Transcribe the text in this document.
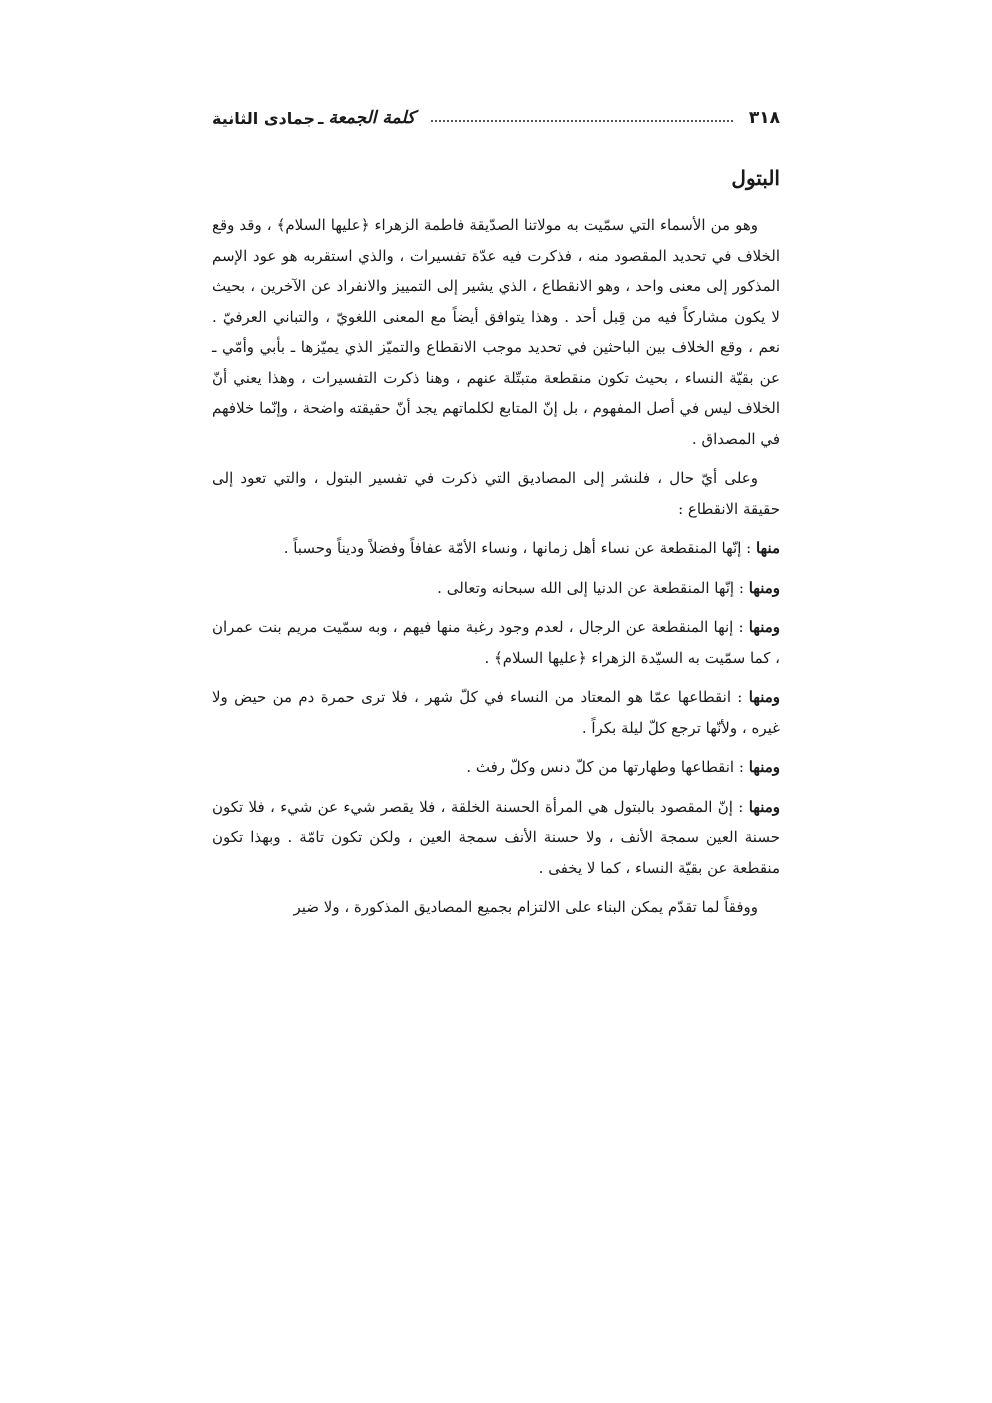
٣١٨
كلمة الجمعة
ـ
جمادى الثانية
البتول

وهو من الأسماء التي سمّيت به مولاتنا الصدّيقة فاطمة الزهراء ﴿عليها السلام﴾ ، وقد وقع الخلاف في تحديد المقصود منه ، فذكرت فيه عدّة تفسيرات ، والذي استقربه هو عود الإسم المذكور إلى معنى واحد ، وهو الانقطاع ، الذي يشير إلى التمييز والانفراد عن الآخرين ، بحيث لا يكون مشاركاً فيه من قِبل أحد . وهذا يتوافق أيضاً مع المعنى اللغويّ ، والتباني العرفيّ . نعم ، وقع الخلاف بين الباحثين في تحديد موجب الانقطاع والتميّز الذي يميّزها ـ بأبي وأمّي ـ عن بقيّة النساء ، بحيث تكون منقطعة متبتّلة عنهم ، وهنا ذكرت التفسيرات ، وهذا يعني أنّ الخلاف ليس في أصل المفهوم ، بل إنّ المتابع لكلماتهم يجد أنّ حقيقته واضحة ، وإنّما خلافهم في المصداق .

وعلى أيّ حال ، فلنشر إلى المصاديق التي ذكرت في تفسير البتول ، والتي تعود إلى حقيقة الانقطاع :

منها : إنّها المنقطعة عن نساء أهل زمانها ، ونساء الأمّة عفافاً وفضلاً وديناً وحسباً .

ومنها : إنّها المنقطعة عن الدنيا إلى الله سبحانه وتعالى .

ومنها : إنها المنقطعة عن الرجال ، لعدم وجود رغبة منها فيهم ، وبه سمّيت مريم بنت عمران ، كما سمّيت به السيّدة الزهراء ﴿عليها السلام﴾ .

ومنها : انقطاعها عمّا هو المعتاد من النساء في كلّ شهر ، فلا ترى حمرة دم من حيض ولا غيره ، ولأنّها ترجع كلّ ليلة بكراً .

ومنها : انقطاعها وطهارتها من كلّ دنس وكلّ رفث .

ومنها : إنّ المقصود بالبتول هي المرأة الحسنة الخلقة ، فلا يقصر شيء عن شيء ، فلا تكون حسنة العين سمجة الأنف ، ولا حسنة الأنف سمجة العين ، ولكن تكون تامّة . وبهذا تكون منقطعة عن بقيّة النساء ، كما لا يخفى .

ووفقاً لما تقدّم يمكن البناء على الالتزام بجميع المصاديق المذكورة ، ولا ضير
